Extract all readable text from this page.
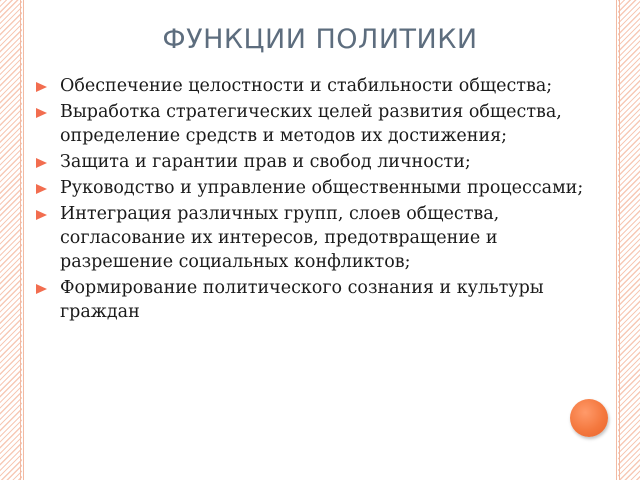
ФУНКЦИИ ПОЛИТИКИ
Обеспечение целостности и стабильности общества;
Выработка стратегических целей развития общества, определение средств и методов их достижения;
Защита и гарантии прав и свобод личности;
Руководство и управление общественными процессами;
Интеграция различных групп, слоев общества, согласование их интересов, предотвращение и разрешение социальных конфликтов;
Формирование политического сознания и культуры граждан
